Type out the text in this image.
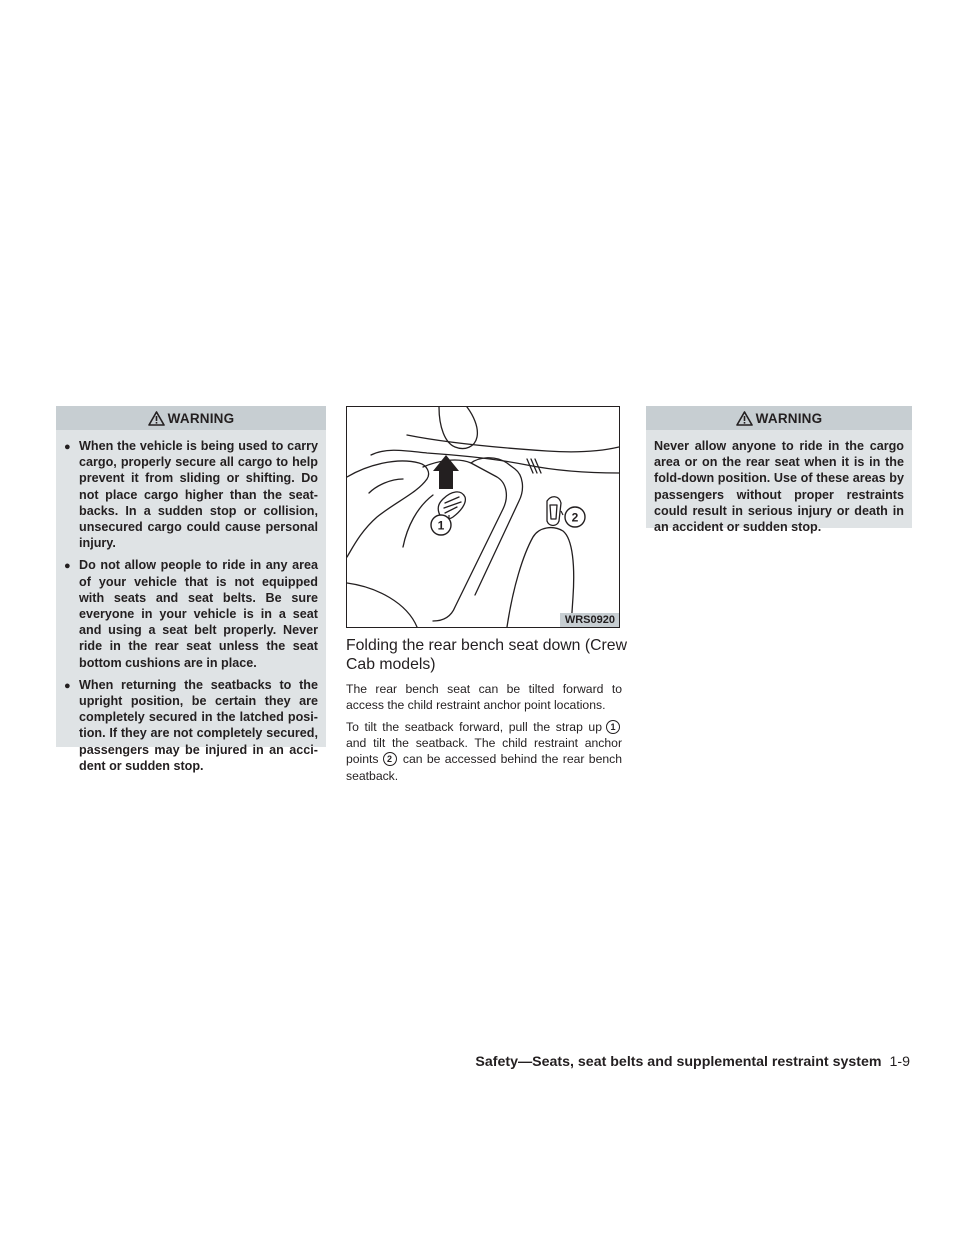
WARNING
● When the vehicle is being used to carry cargo, properly secure all cargo to help prevent it from sliding or shifting. Do not place cargo higher than the seat-backs. In a sudden stop or collision, unsecured cargo could cause personal injury.
● Do not allow people to ride in any area of your vehicle that is not equipped with seats and seat belts. Be sure everyone in your vehicle is in a seat and using a seat belt properly. Never ride in the rear seat unless the seat bottom cushions are in place.
● When returning the seatbacks to the upright position, be certain they are completely secured in the latched posi-tion. If they are not completely secured, passengers may be injured in an acci-dent or sudden stop.
1
2
WRS0920
Folding the rear bench seat down (Crew Cab models)
The rear bench seat can be tilted forward to access the child restraint anchor point locations.
To tilt the seatback forward, pull the strap up 1 and tilt the seatback. The child restraint anchor points 2 can be accessed behind the rear bench seatback.
WARNING
Never allow anyone to ride in the cargo area or on the rear seat when it is in the fold-down position. Use of these areas by passengers without proper restraints could result in serious injury or death in an accident or sudden stop.
Safety—Seats, seat belts and supplemental restraint system 1-9
